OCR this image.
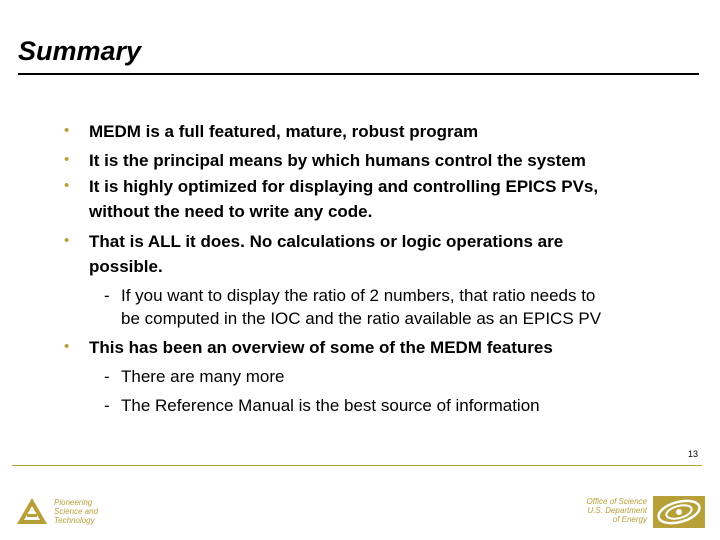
Summary
• MEDM is a full featured, mature, robust program
• It is the principal means by which humans control the system
• It is highly optimized for displaying and controlling EPICS PVs,
without the need to write any code.
• That is ALL it does. No calculations or logic operations are
possible.
- If you want to display the ratio of 2 numbers, that ratio needs to
be computed in the IOC and the ratio available as an EPICS PV
• This has been an overview of some of the MEDM features
- There are many more
- The Reference Manual is the best source of information
13
Pioneering
Science and
Technology
Office of Science
U.S. Department
of Energy
